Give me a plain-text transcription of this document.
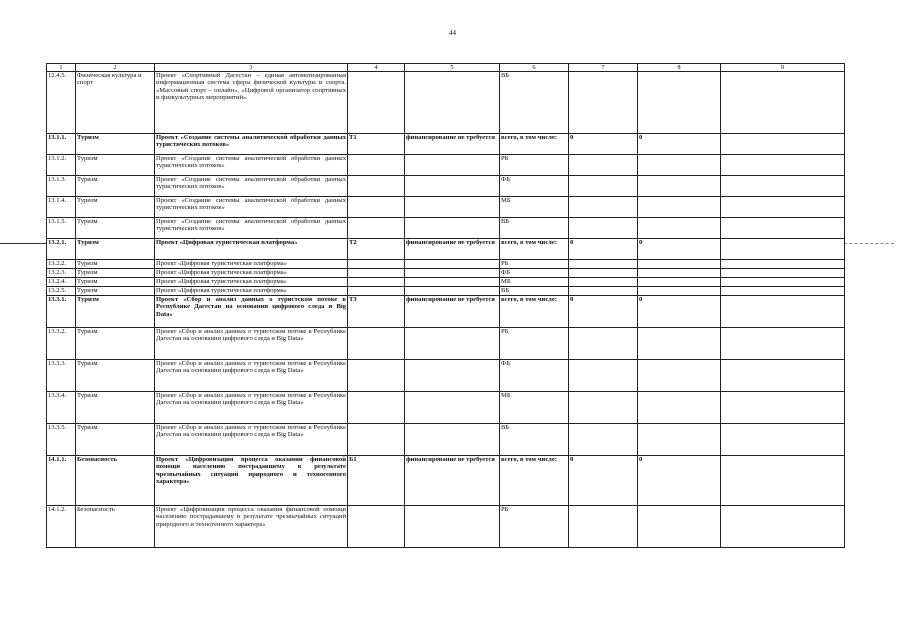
44
1	2	3	4	5	6	7	8	9
12.4.5.	Физическая культура и спорт	Проект «Спортивный Дагестан – единая автоматизированная информационная система сферы физической культуры и спорта. «Массовый спорт – онлайн», «Цифровой организатор спортивных и физкультурных мероприятий»			ВБ			
13.1.1.	Туризм	Проект «Создание системы аналитической обработки данных туристических потоков»	Т1	финансирование не требуется	всего, в том числе:	0	0	
13.1.2.	Туризм	Проект «Создание системы аналитической обработки данных туристических потоков»			РБ			
13.1.3.	Туризм	Проект «Создание системы аналитической обработки данных туристических потоков»			ФБ			
13.1.4.	Туризм	Проект «Создание системы аналитической обработки данных туристических потоков»			МБ			
13.1.5.	Туризм	Проект «Создание системы аналитической обработки данных туристических потоков»			ВБ			
13.2.1.	Туризм	Проект «Цифровая туристическая платформа»	Т2	финансирование не требуется	всего, в том числе:	0	0	
13.2.2.	Туризм	Проект «Цифровая туристическая платформа»			РБ			
13.2.3.	Туризм	Проект «Цифровая туристическая платформа»			ФБ			
13.2.4.	Туризм	Проект «Цифровая туристическая платформа»			МБ			
13.2.5.	Туризм	Проект «Цифровая туристическая платформа»			ВБ			
13.3.1.	Туризм	Проект «Сбор и анализ данных о туристском потоке в Республике Дагестан на основании цифрового следа и Big Data»	Т3	финансирование не требуется	всего, в том числе:	0	0	
13.3.2.	Туризм	Проект «Сбор и анализ данных о туристском потоке в Республике Дагестан на основании цифрового следа и Big Data»			РБ			
13.3.3.	Туризм	Проект «Сбор и анализ данных о туристском потоке в Республике Дагестан на основании цифрового следа и Big Data»			ФБ			
13.3.4.	Туризм	Проект «Сбор и анализ данных о туристском потоке в Республике Дагестан на основании цифрового следа и Big Data»			МБ			
13.3.5.	Туризм	Проект «Сбор и анализ данных о туристском потоке в Республике Дагестан на основании цифрового следа и Big Data»			ВБ			
14.1.1.	Безопасность	Проект «Цифровизация процесса оказании финансовой помощи населению пострадавшему в результате чрезвычайных ситуаций природного и техногенного характера»	Б1	финансирование не требуется	всего, в том числе:	0	0	
14.1.2.	Безопасность	Проект «Цифровизация процесса оказания финансовой помощи населению пострадавшему в результате чрезвычайных ситуаций природного и техногенного характера»			РБ			
